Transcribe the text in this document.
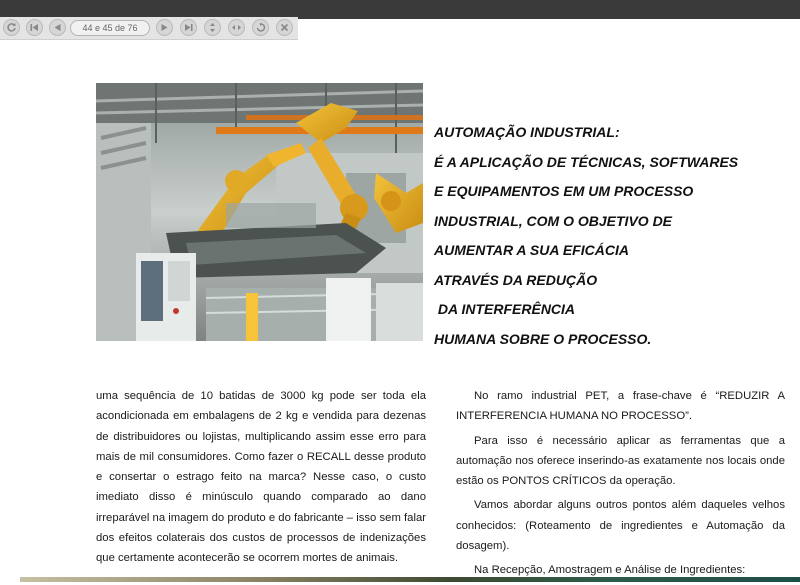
44 e 45 de 76
AUTOMAÇÃO INDUSTRIAL:
É A APLICAÇÃO DE TÉCNICAS, SOFTWARES
E EQUIPAMENTOS EM UM PROCESSO
INDUSTRIAL, COM O OBJETIVO DE
AUMENTAR A SUA EFICÁCIA
ATRAVÉS DA REDUÇÃO
DA INTERFERÊNCIA
HUMANA SOBRE O PROCESSO.

uma sequência de 10 batidas de 3000 kg pode ser toda ela acondicionada em embalagens de 2 kg e vendida para dezenas de distribuidores ou lojistas, multiplicando assim esse erro para mais de mil consumidores. Como fazer o RECALL desse produto e consertar o estrago feito na marca? Nesse caso, o custo imediato disso é minúsculo quando comparado ao dano irreparável na imagem do produto e do fabricante – isso sem falar dos efeitos colaterais dos custos de processos de indenizações que certamente acontecerão se ocorrem mortes de animais.

No ramo industrial PET, a frase-chave é “REDUZIR A INTERFERENCIA HUMANA NO PROCESSO”.

Para isso é necessário aplicar as ferramentas que a automação nos oferece inserindo-as exatamente nos locais onde estão os PONTOS CRÍTICOS da operação.

Vamos abordar alguns outros pontos além daqueles velhos conhecidos: (Roteamento de ingredientes e Automação da dosagem).

Na Recepção, Amostragem e Análise de Ingredientes:
